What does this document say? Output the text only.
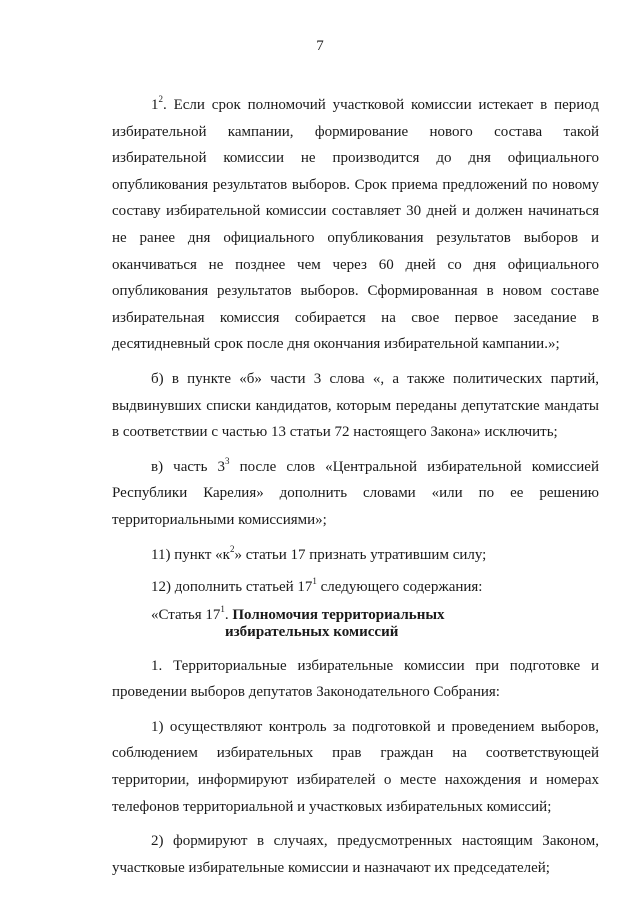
7

$1^2$. Если срок полномочий участковой комиссии истекает в период избирательной кампании, формирование нового состава такой избирательной комиссии не производится до дня официального опубликования результатов выборов. Срок приема предложений по новому составу избирательной комиссии составляет 30 дней и должен начинаться не ранее дня официального опубликования результатов выборов и оканчиваться не позднее чем через 60 дней со дня официального опубликования результатов выборов. Сформированная в новом составе избирательная комиссия собирается на свое первое заседание в десятидневный срок после дня окончания избирательной кампании.»;

б) в пункте «б» части 3 слова «, а также политических партий, выдвинувших списки кандидатов, которым переданы депутатские мандаты в соответствии с частью 13 статьи 72 настоящего Закона» исключить;

в) часть $3^3$ после слов «Центральной избирательной комиссией Республики Карелия» дополнить словами «или по ее решению территориальными комиссиями»;

11) пункт «$к^2$» статьи 17 признать утратившим силу;

12) дополнить статьей $17^1$ следующего содержания:

«Статья $17^1$. Полномочия территориальных
избирательных комиссий

1. Территориальные избирательные комиссии при подготовке и проведении выборов депутатов Законодательного Собрания:

1) осуществляют контроль за подготовкой и проведением выборов, соблюдением избирательных прав граждан на соответствующей территории, информируют избирателей о месте нахождения и номерах телефонов территориальной и участковых избирательных комиссий;

2) формируют в случаях, предусмотренных настоящим Законом, участковые избирательные комиссии и назначают их председателей;
